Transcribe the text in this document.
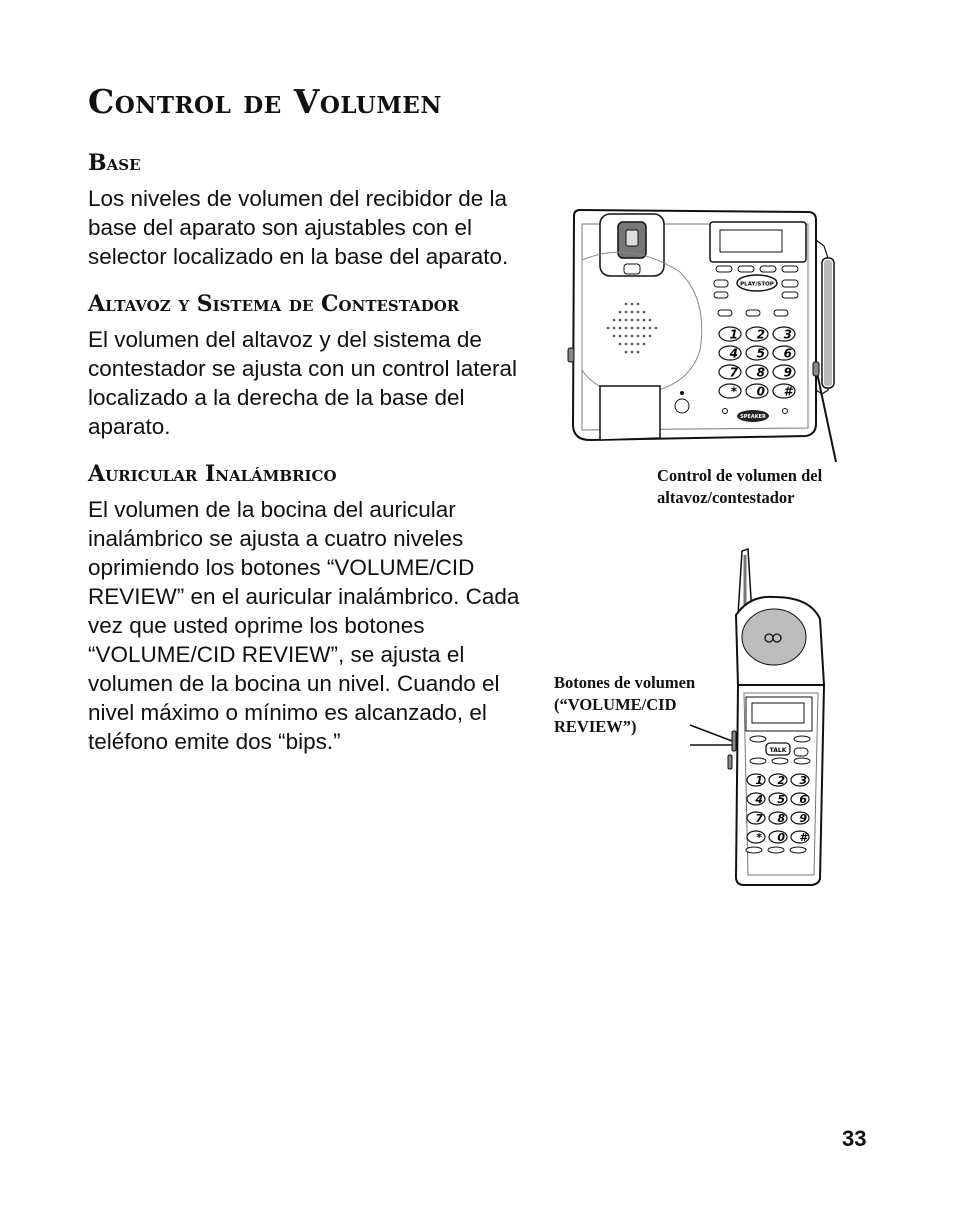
Control de Volumen
Base

Los niveles de volumen del recibidor de la base del aparato son ajustables con el selector localizado en la base del aparato.

Altavoz y Sistema de Contestador

El volumen del altavoz y del sistema de contestador se ajusta con un control lateral localizado a la derecha de la base del aparato.

Auricular Inalámbrico

El volumen de la bocina del auricular inalámbrico se ajusta a cuatro niveles oprimiendo los botones “VOLUME/CID REVIEW” en el auricular inalámbrico. Cada vez que usted oprime los botones “VOLUME/CID REVIEW”, se ajusta el volumen de la bocina un nivel. Cuando el nivel máximo o mínimo es alcanzado, el teléfono emite dos “bips.”

PLAY/STOP
1 2 3
4 5 6
7 8 9
* 0 #
SPEAKER

Control de volumen del
altavoz/contestador

TALK
1 2 3
4 5 6
7 8 9
* 0 #

Botones de volumen
(“VOLUME/CID
REVIEW”)

33
